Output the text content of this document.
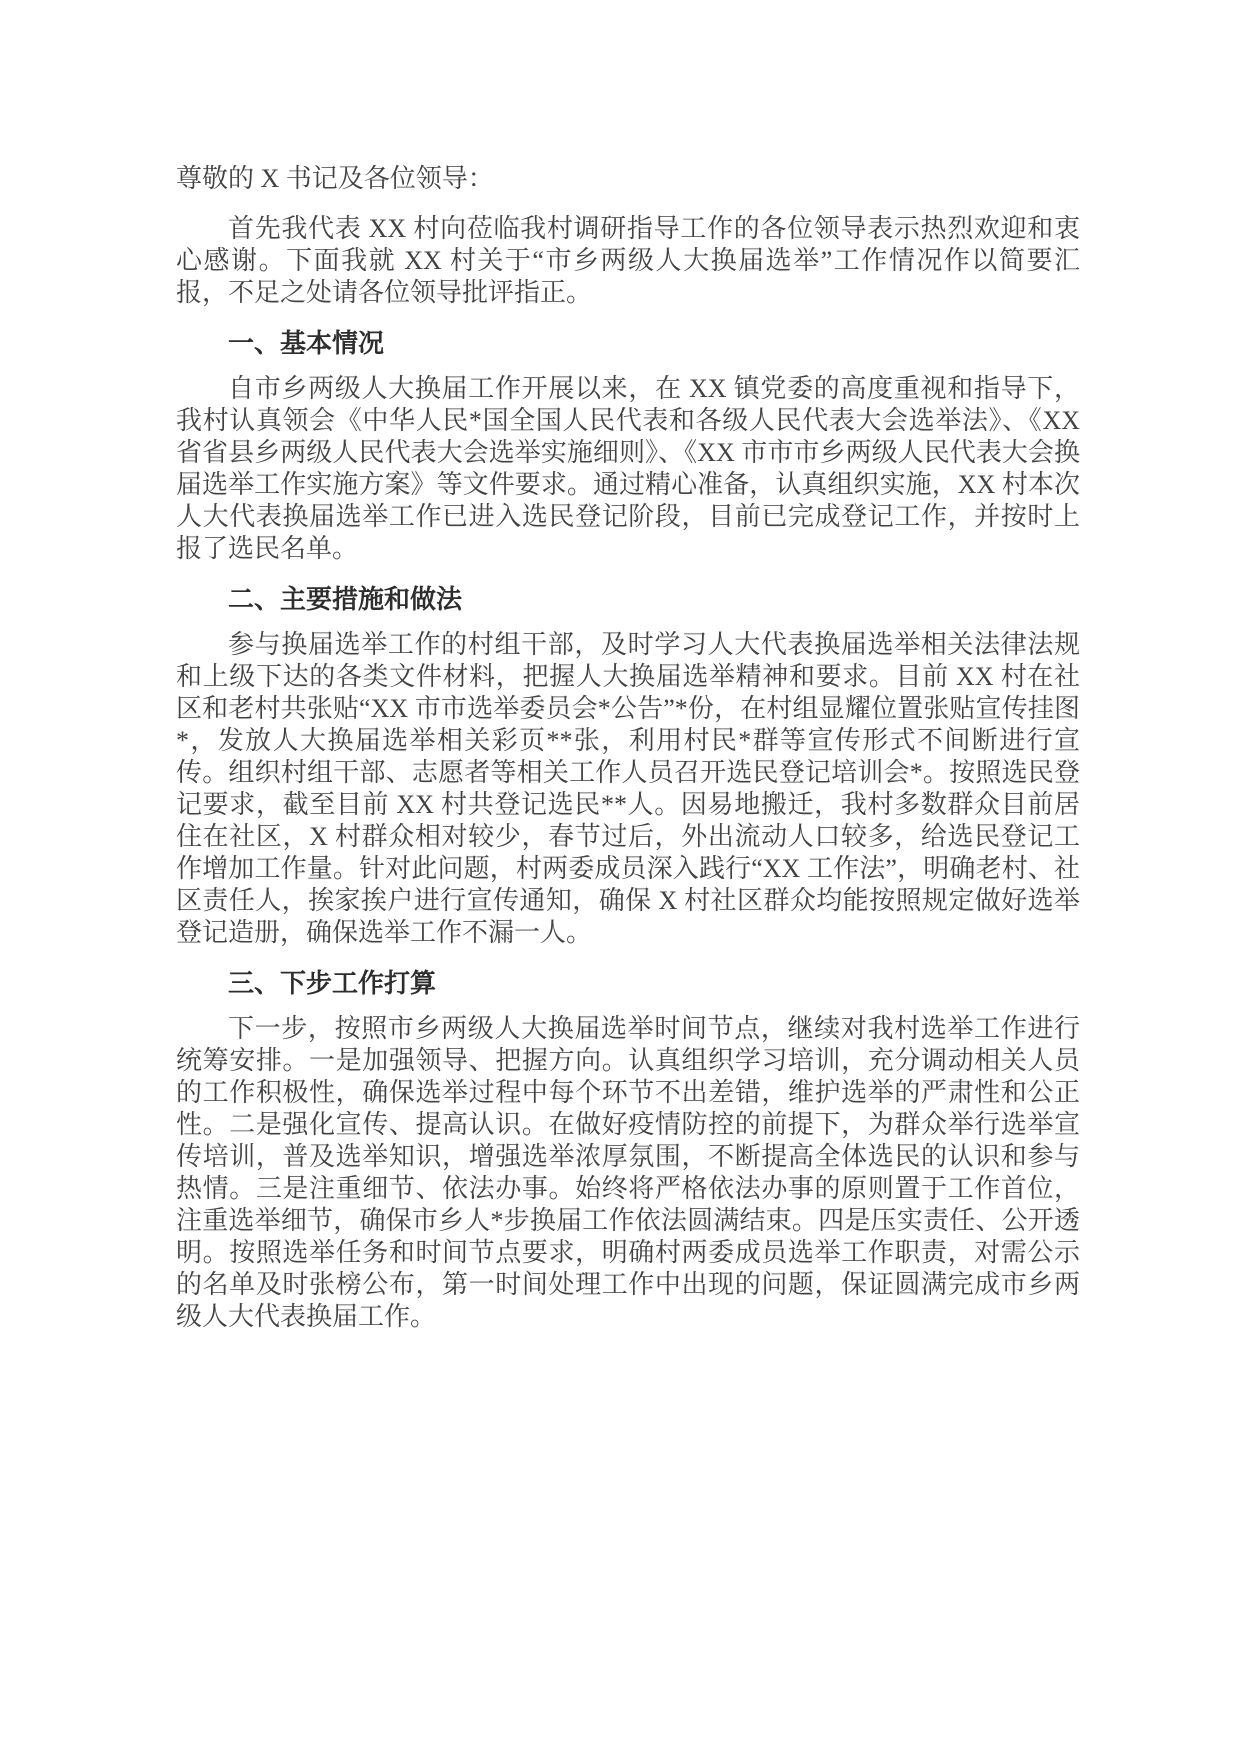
尊敬的 X 书记及各位领导：

首先我代表 XX 村向莅临我村调研指导工作的各位领导表示热烈欢迎和衷心感谢。下面我就 XX 村关于“市乡两级人大换届选举”工作情况作以简要汇报，不足之处请各位领导批评指正。

一、基本情况

自市乡两级人大换届工作开展以来，在 XX 镇党委的高度重视和指导下，我村认真领会《中华人民*国全国人民代表和各级人民代表大会选举法》、《XX 省省县乡两级人民代表大会选举实施细则》、《XX 市市市乡两级人民代表大会换届选举工作实施方案》等文件要求。通过精心准备，认真组织实施，XX 村本次人大代表换届选举工作已进入选民登记阶段，目前已完成登记工作，并按时上报了选民名单。

二、主要措施和做法

参与换届选举工作的村组干部，及时学习人大代表换届选举相关法律法规和上级下达的各类文件材料，把握人大换届选举精神和要求。目前 XX 村在社区和老村共张贴“XX 市市选举委员会*公告”*份，在村组显耀位置张贴宣传挂图*，发放人大换届选举相关彩页**张，利用村民*群等宣传形式不间断进行宣传。组织村组干部、志愿者等相关工作人员召开选民登记培训会*。按照选民登记要求，截至目前 XX 村共登记选民**人。因易地搬迁，我村多数群众目前居住在社区，X 村群众相对较少，春节过后，外出流动人口较多，给选民登记工作增加工作量。针对此问题，村两委成员深入践行“XX 工作法”，明确老村、社区责任人，挨家挨户进行宣传通知，确保 X 村社区群众均能按照规定做好选举登记造册，确保选举工作不漏一人。

三、下步工作打算

下一步，按照市乡两级人大换届选举时间节点，继续对我村选举工作进行统筹安排。一是加强领导、把握方向。认真组织学习培训，充分调动相关人员的工作积极性，确保选举过程中每个环节不出差错，维护选举的严肃性和公正性。二是强化宣传、提高认识。在做好疫情防控的前提下，为群众举行选举宣传培训，普及选举知识，增强选举浓厚氛围，不断提高全体选民的认识和参与热情。三是注重细节、依法办事。始终将严格依法办事的原则置于工作首位，注重选举细节，确保市乡人*步换届工作依法圆满结束。四是压实责任、公开透明。按照选举任务和时间节点要求，明确村两委成员选举工作职责，对需公示的名单及时张榜公布，第一时间处理工作中出现的问题，保证圆满完成市乡两级人大代表换届工作。
